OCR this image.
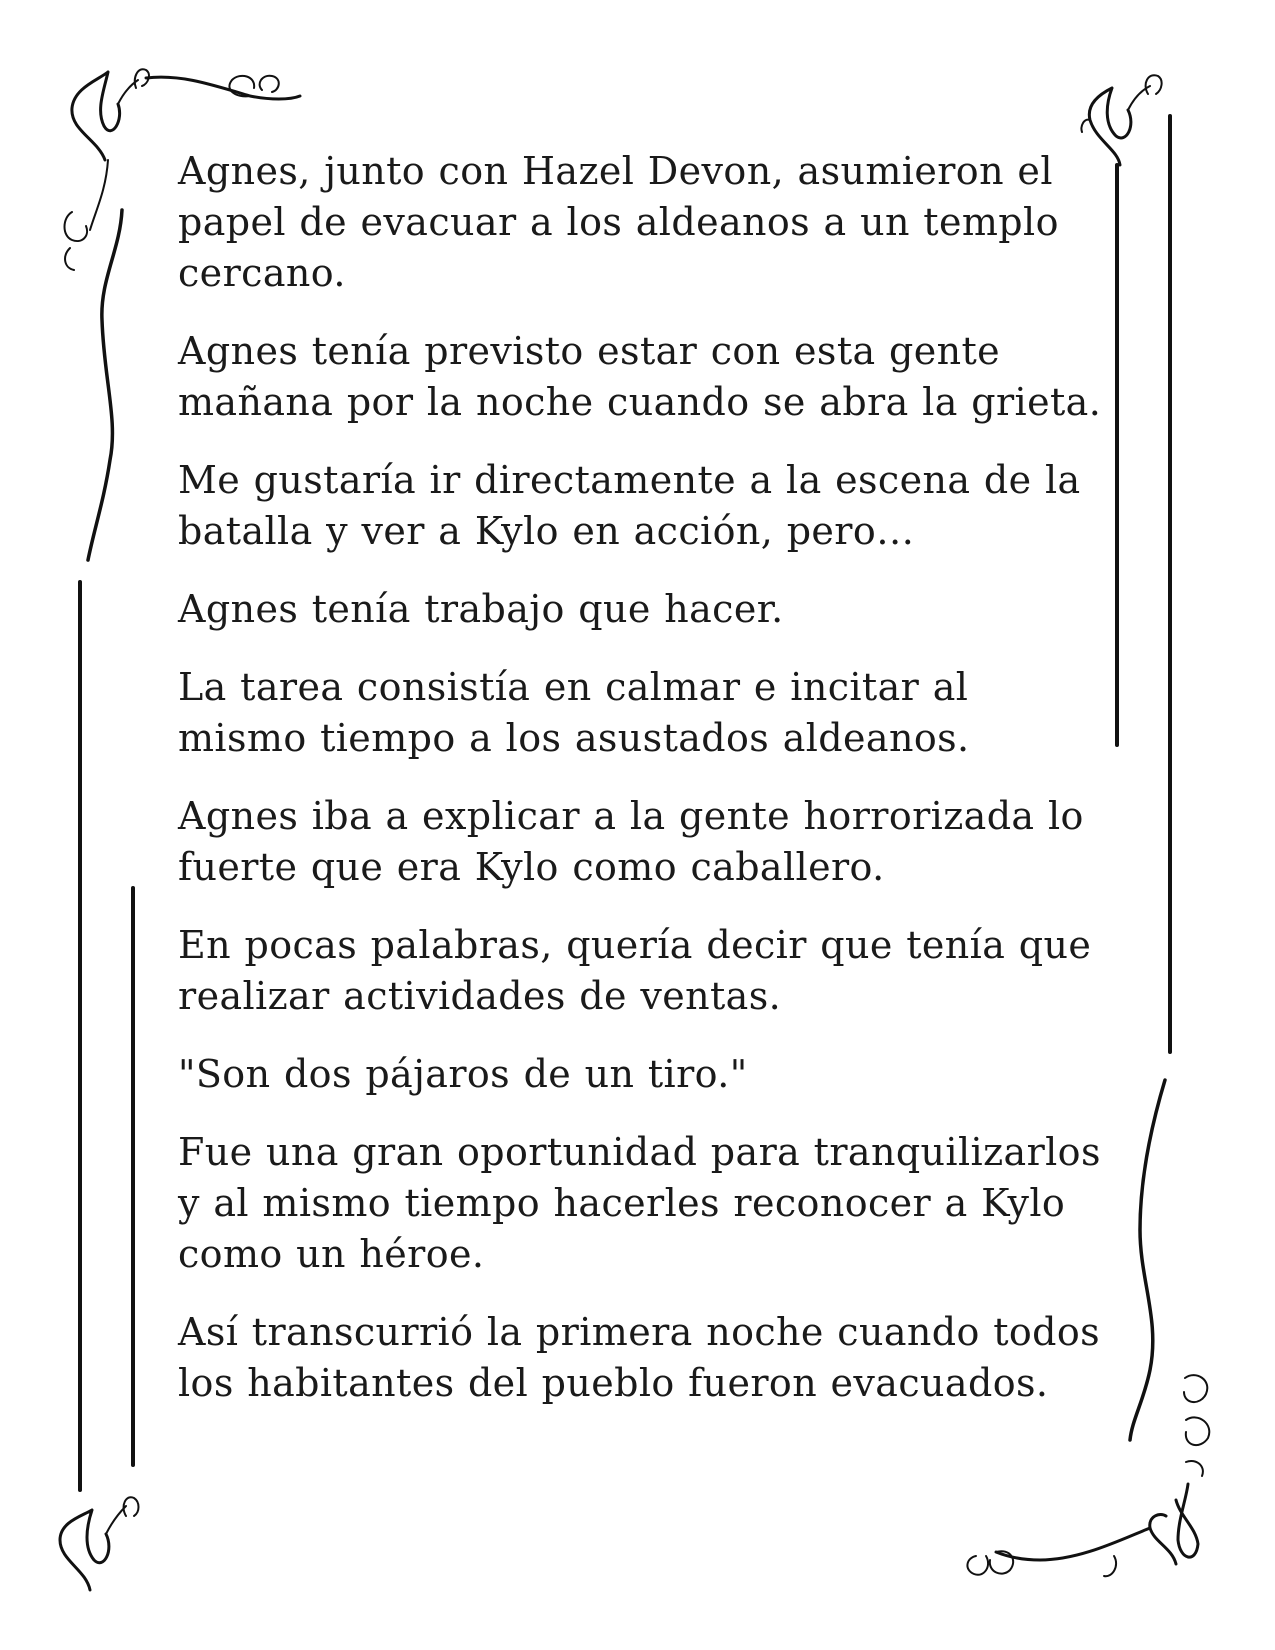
Agnes, junto con Hazel Devon, asumieron el papel de evacuar a los aldeanos a un templo cercano.

Agnes tenía previsto estar con esta gente mañana por la noche cuando se abra la grieta.

Me gustaría ir directamente a la escena de la batalla y ver a Kylo en acción, pero…

Agnes tenía trabajo que hacer.

La tarea consistía en calmar e incitar al mismo tiempo a los asustados aldeanos.

Agnes iba a explicar a la gente horrorizada lo fuerte que era Kylo como caballero.

En pocas palabras, quería decir que tenía que realizar actividades de ventas.

"Son dos pájaros de un tiro."

Fue una gran oportunidad para tranquilizarlos y al mismo tiempo hacerles reconocer a Kylo como un héroe.

Así transcurrió la primera noche cuando todos los habitantes del pueblo fueron evacuados.
